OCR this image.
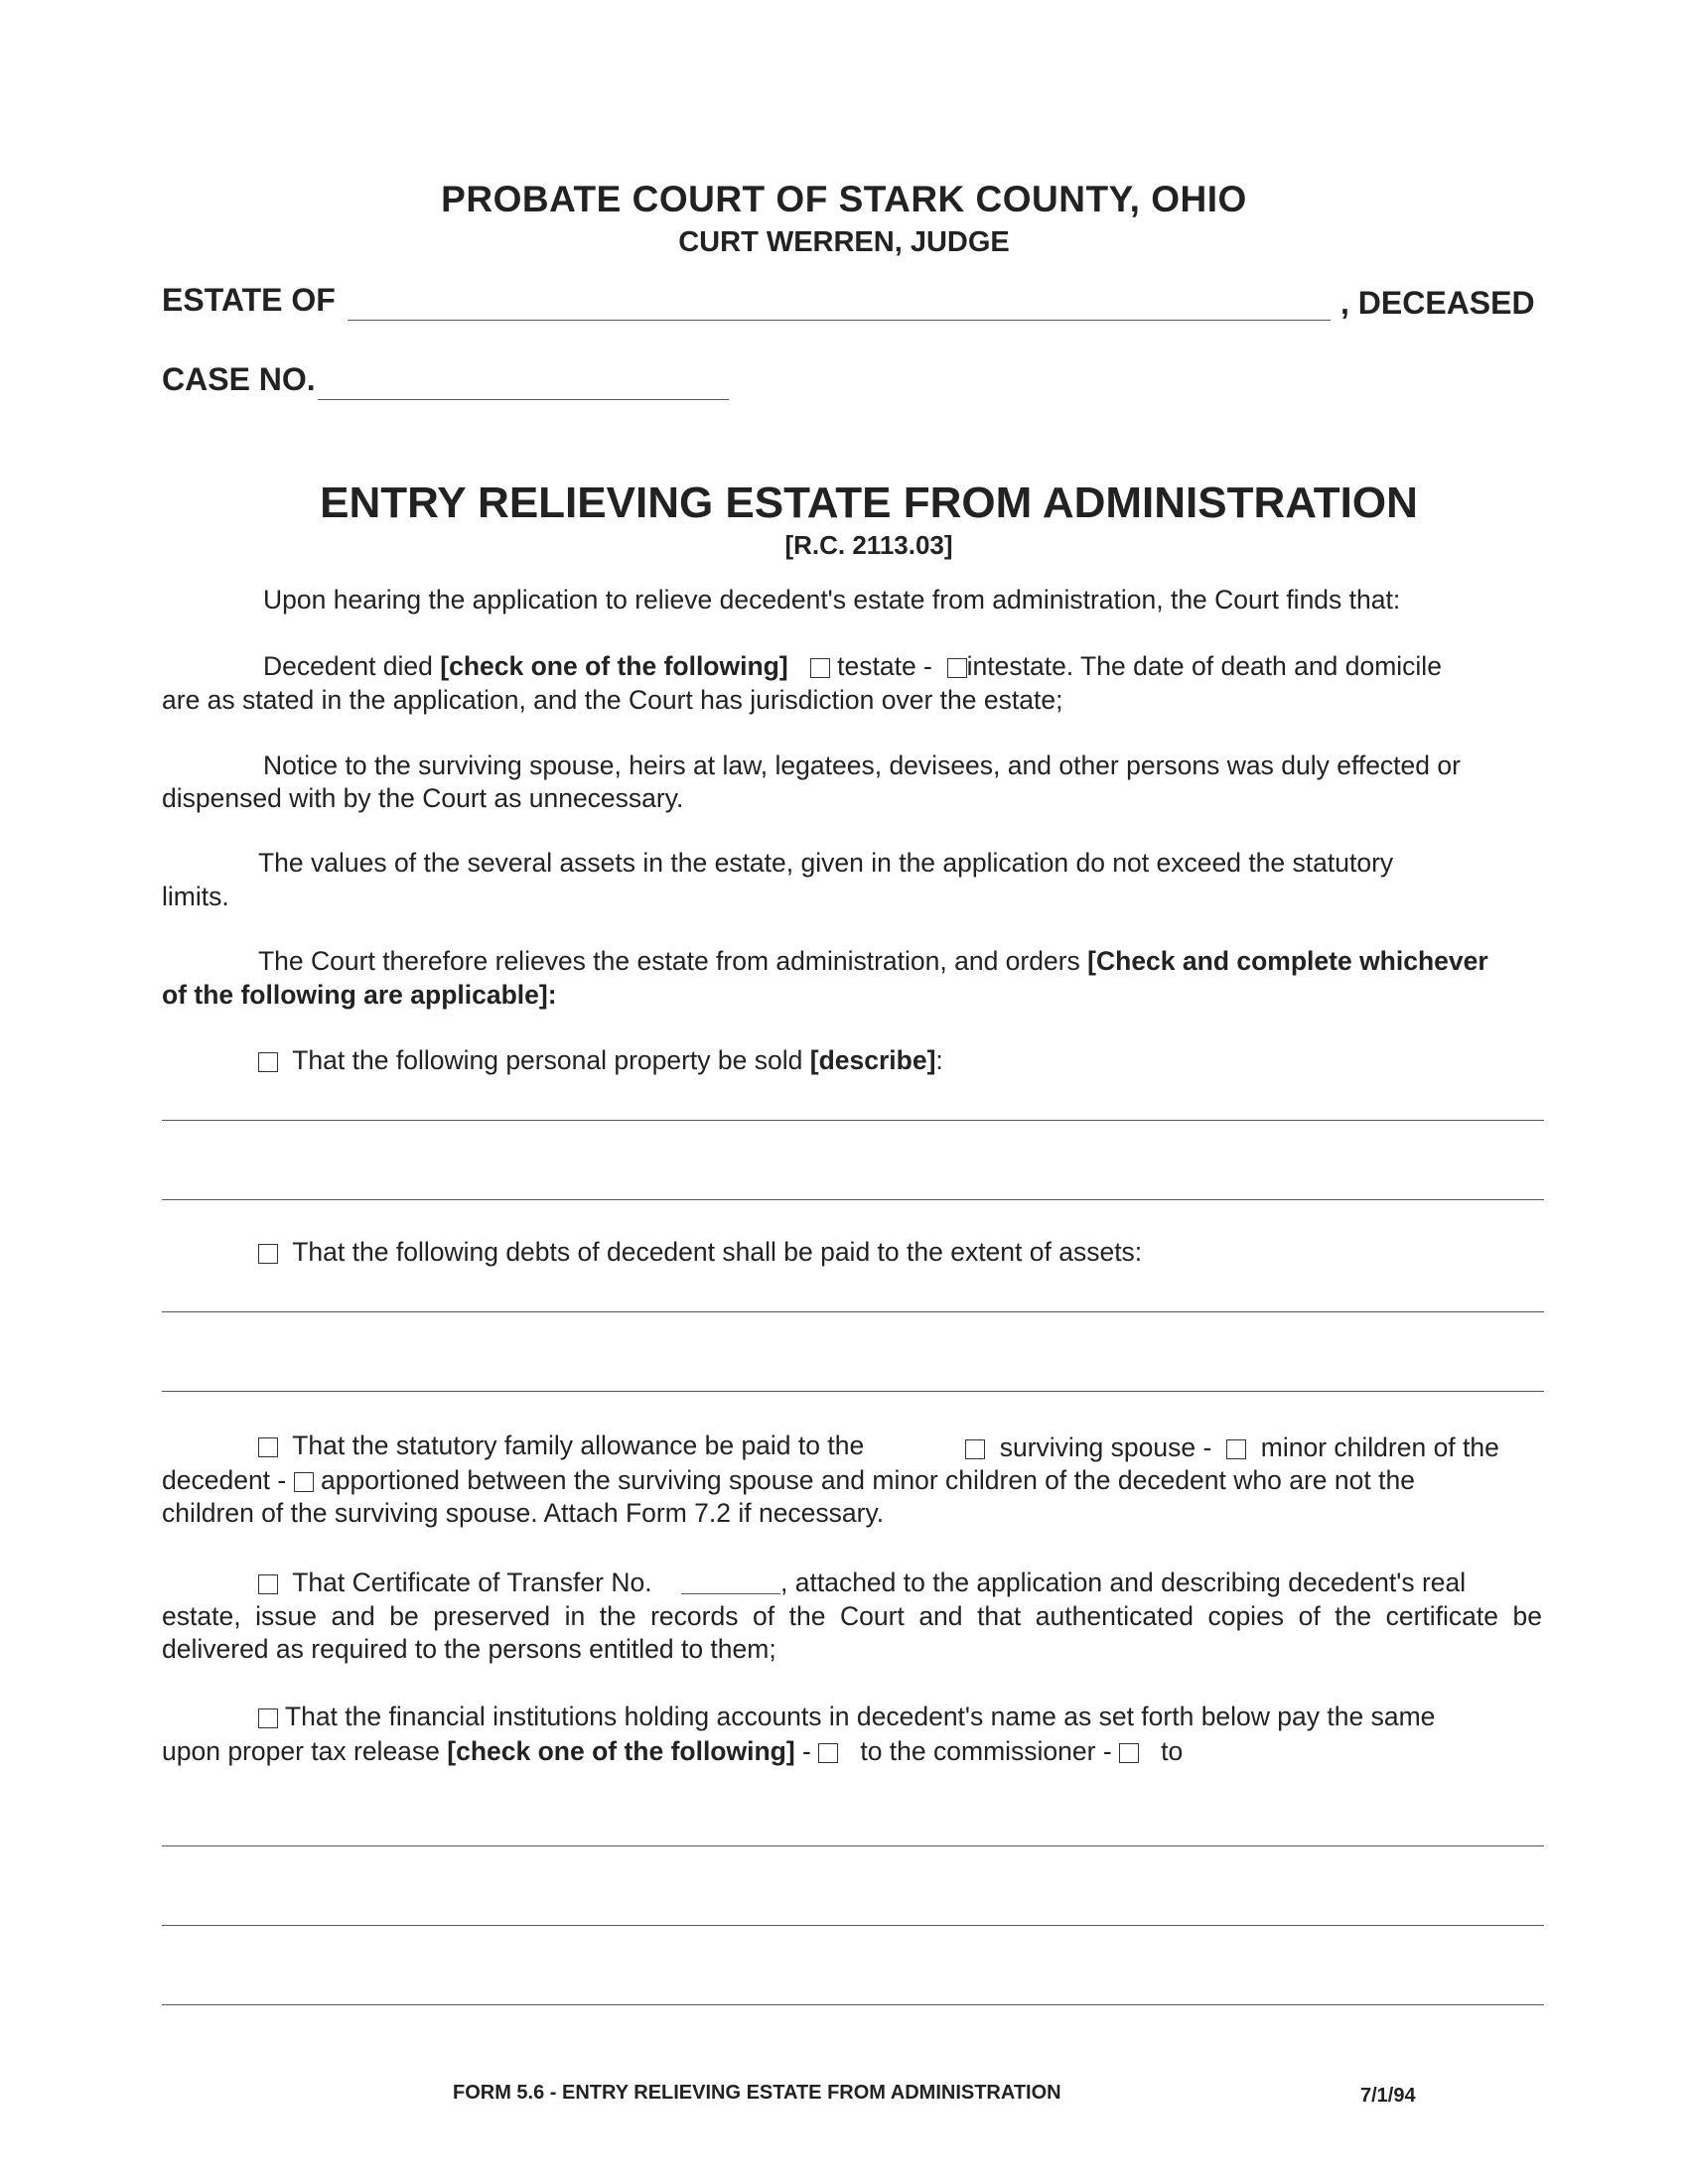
PROBATE COURT OF STARK COUNTY, OHIO
CURT WERREN, JUDGE
ESTATE OF	, DECEASED
CASE NO.
ENTRY RELIEVING ESTATE FROM ADMINISTRATION
[R.C. 2113.03]
Upon hearing the application to relieve decedent's estate from administration, the Court finds that:
Decedent died [check one of the following] testate - intestate. The date of death and domicile
are as stated in the application, and the Court has jurisdiction over the estate;
Notice to the surviving spouse, heirs at law, legatees, devisees, and other persons was duly effected or
dispensed with by the Court as unnecessary.
The values of the several assets in the estate, given in the application do not exceed the statutory
limits.
The Court therefore relieves the estate from administration, and orders [Check and complete whichever
of the following are applicable]:
That the following personal property be sold [describe]:
That the following debts of decedent shall be paid to the extent of assets:
That the statutory family allowance be paid to the	surviving spouse - minor children of the
decedent - apportioned between the surviving spouse and minor children of the decedent who are not the
children of the surviving spouse. Attach Form 7.2 if necessary.
That Certificate of Transfer No.	, attached to the application and describing decedent's real
estate, issue and be preserved in the records of the Court and that authenticated copies of the certificate be
delivered as required to the persons entitled to them;
That the financial institutions holding accounts in decedent's name as set forth below pay the same
upon proper tax release [check one of the following] - to the commissioner - to
FORM 5.6 - ENTRY RELIEVING ESTATE FROM ADMINISTRATION	7/1/94
